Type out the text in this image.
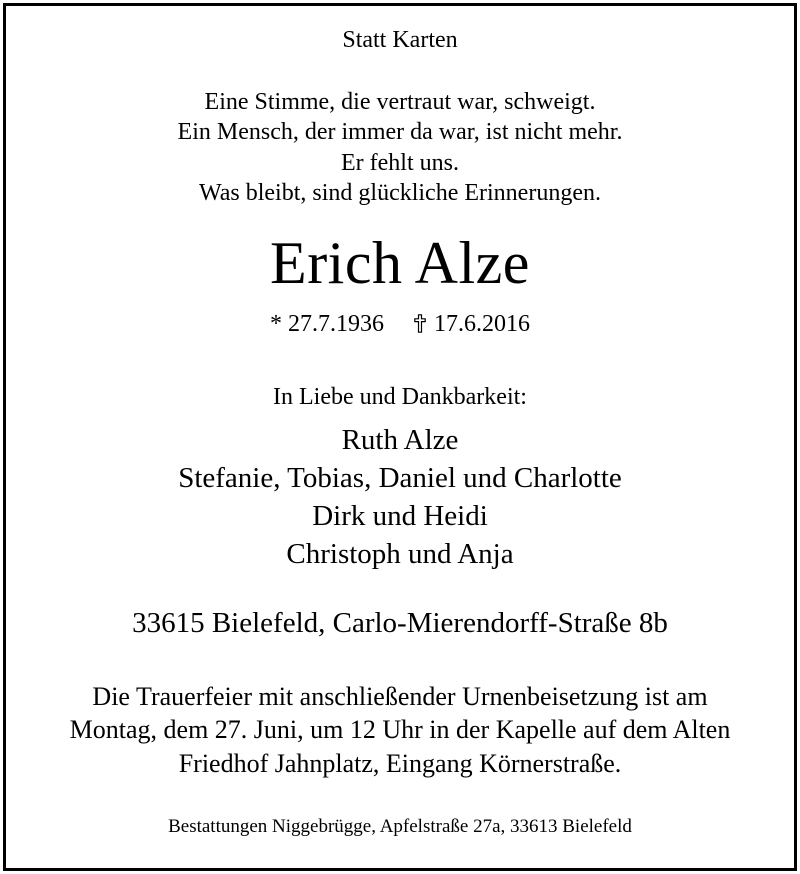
Statt Karten
Eine Stimme, die vertraut war, schweigt.
Ein Mensch, der immer da war, ist nicht mehr.
Er fehlt uns.
Was bleibt, sind glückliche Erinnerungen.
Erich Alze
* 27.7.1936 17.6.2016
In Liebe und Dankbarkeit:
Ruth Alze
Stefanie, Tobias, Daniel und Charlotte
Dirk und Heidi
Christoph und Anja
33615 Bielefeld, Carlo-Mierendorff-Straße 8b
Die Trauerfeier mit anschließender Urnenbeisetzung ist am
Montag, dem 27. Juni, um 12 Uhr in der Kapelle auf dem Alten
Friedhof Jahnplatz, Eingang Körnerstraße.
Bestattungen Niggebrügge, Apfelstraße 27a, 33613 Bielefeld
